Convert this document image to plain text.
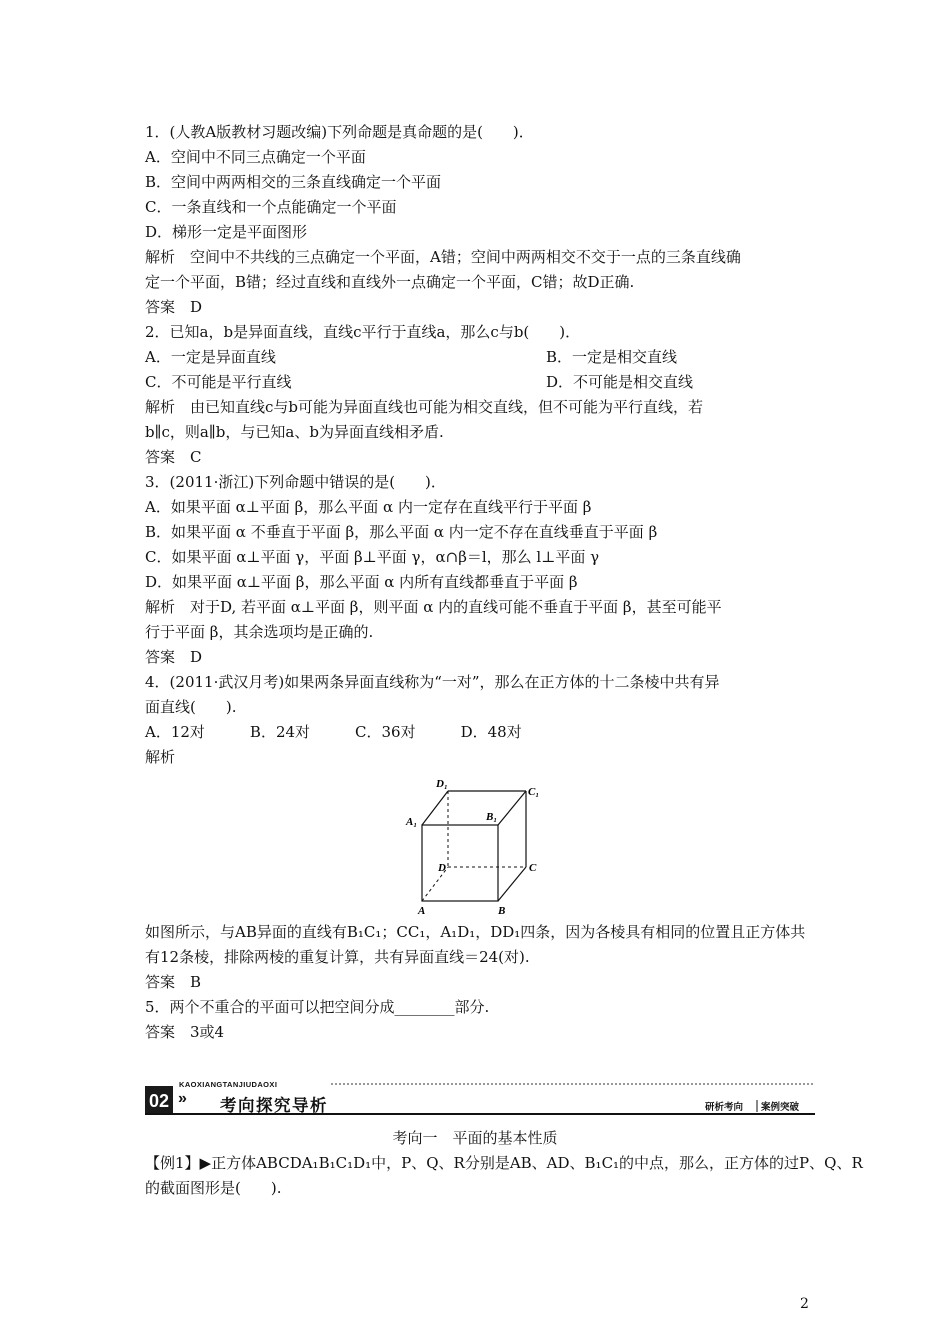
1．(人教A版教材习题改编)下列命题是真命题的是(　　)．
A．空间中不同三点确定一个平面
B．空间中两两相交的三条直线确定一个平面
C．一条直线和一个点能确定一个平面
D．梯形一定是平面图形
解析　空间中不共线的三点确定一个平面，A错；空间中两两相交不交于一点的三条直线确
定一个平面，B错；经过直线和直线外一点确定一个平面，C错；故D正确.
答案　D
2．已知a，b是异面直线，直线c平行于直线a，那么c与b(　　)．
A．一定是异面直线	B．一定是相交直线
C．不可能是平行直线	D．不可能是相交直线
解析　由已知直线c与b可能为异面直线也可能为相交直线，但不可能为平行直线，若
b∥c，则a∥b，与已知a、b为异面直线相矛盾.
答案　C
3．(2011·浙江)下列命题中错误的是(　　)．
A．如果平面 α⊥平面 β，那么平面 α 内一定存在直线平行于平面 β
B．如果平面 α 不垂直于平面 β，那么平面 α 内一定不存在直线垂直于平面 β
C．如果平面 α⊥平面 γ，平面 β⊥平面 γ，α∩β＝l，那么 l⊥平面 γ
D．如果平面 α⊥平面 β，那么平面 α 内所有直线都垂直于平面 β
解析　对于D, 若平面 α⊥平面 β，则平面 α 内的直线可能不垂直于平面 β，甚至可能平
行于平面 β，其余选项均是正确的.
答案　D
4．(2011·武汉月考)如果两条异面直线称为“一对”，那么在正方体的十二条棱中共有异
面直线(　　).
A．12对　　　B．24对　　　C．36对　　　D．48对
解析
D₁
C₁
A₁	B₁
D	C
A	B
如图所示，与AB异面的直线有B₁C₁；CC₁，A₁D₁，DD₁四条，因为各棱具有相同的位置且正方体共
有12条棱，排除两棱的重复计算，共有异面直线＝24(对).
答案　B
5．两个不重合的平面可以把空间分成________部分.
答案　3或4
02 »
KAOXIANGTANJIUDAOXI
考向探究导析	研析考向 案例突破
考向一　平面的基本性质
【例1】▶正方体ABCDA₁B₁C₁D₁中，P、Q、R分别是AB、AD、B₁C₁的中点，那么，正方体的过P、Q、R
的截面图形是(　　).
2
